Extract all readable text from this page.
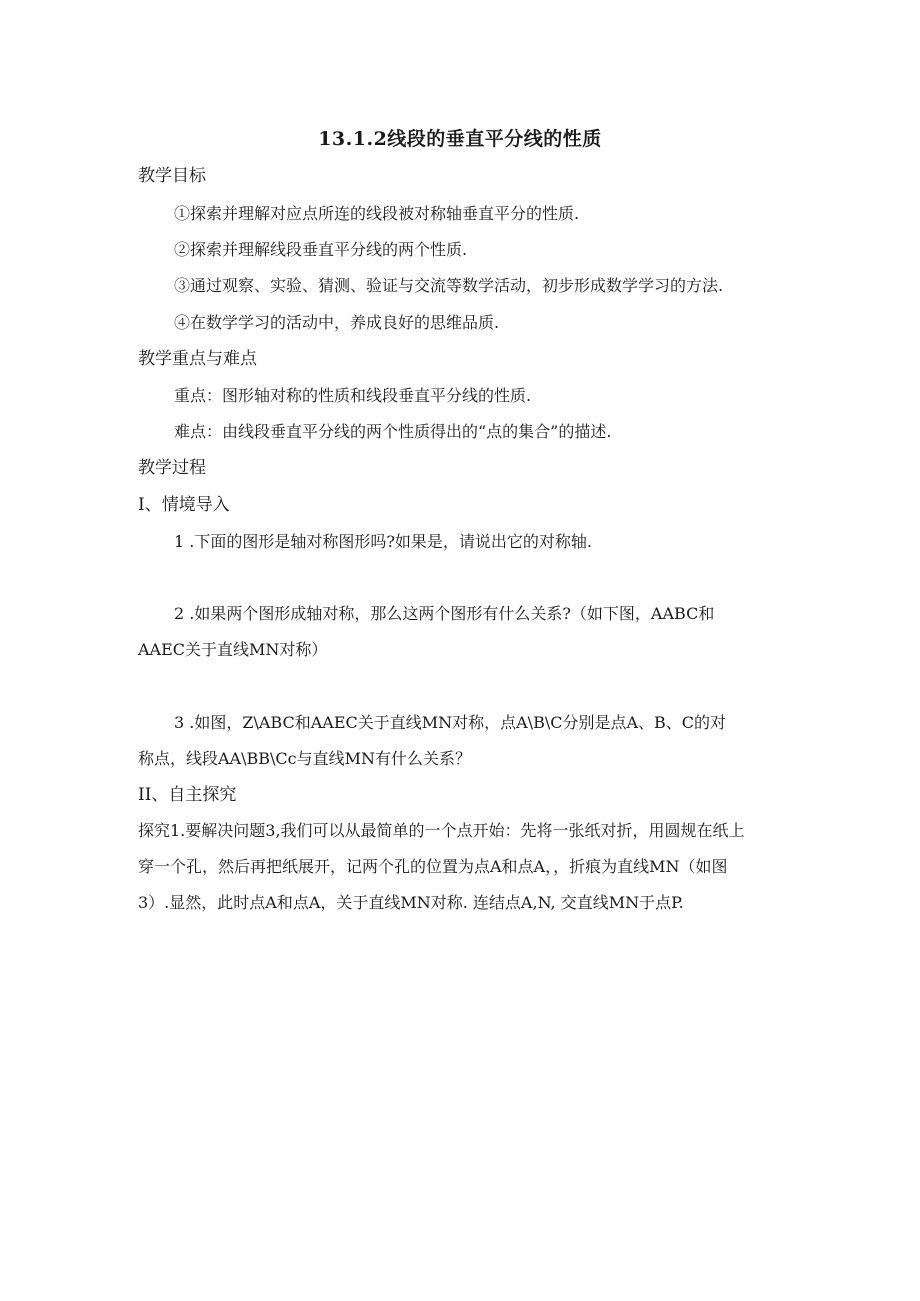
13.1.2线段的垂直平分线的性质
教学目标
①探索并理解对应点所连的线段被对称轴垂直平分的性质.
②探索并理解线段垂直平分线的两个性质.
③通过观察、实验、猜测、验证与交流等数学活动，初步形成数学学习的方法.
④在数学学习的活动中，养成良好的思维品质.
教学重点与难点
重点：图形轴对称的性质和线段垂直平分线的性质.
难点：由线段垂直平分线的两个性质得出的“点的集合”的描述.
教学过程
I、情境导入
1 .下面的图形是轴对称图形吗?如果是，请说出它的对称轴.
2 .如果两个图形成轴对称，那么这两个图形有什么关系?（如下图，AABC和
AAEC关于直线MN对称）
3 .如图，Z\ABC和AAEC关于直线MN对称，点A\B\C分别是点A、B、C的对
称点，线段AA\BB\Cc与直线MN有什么关系？
II、自主探究
探究1.要解决问题3,我们可以从最简单的一个点开始：先将一张纸对折，用圆规在纸上
穿一个孔，然后再把纸展开，记两个孔的位置为点A和点A，，折痕为直线MN（如图
3）.显然，此时点A和点A，关于直线MN对称. 连结点A,N, 交直线MN于点P.
